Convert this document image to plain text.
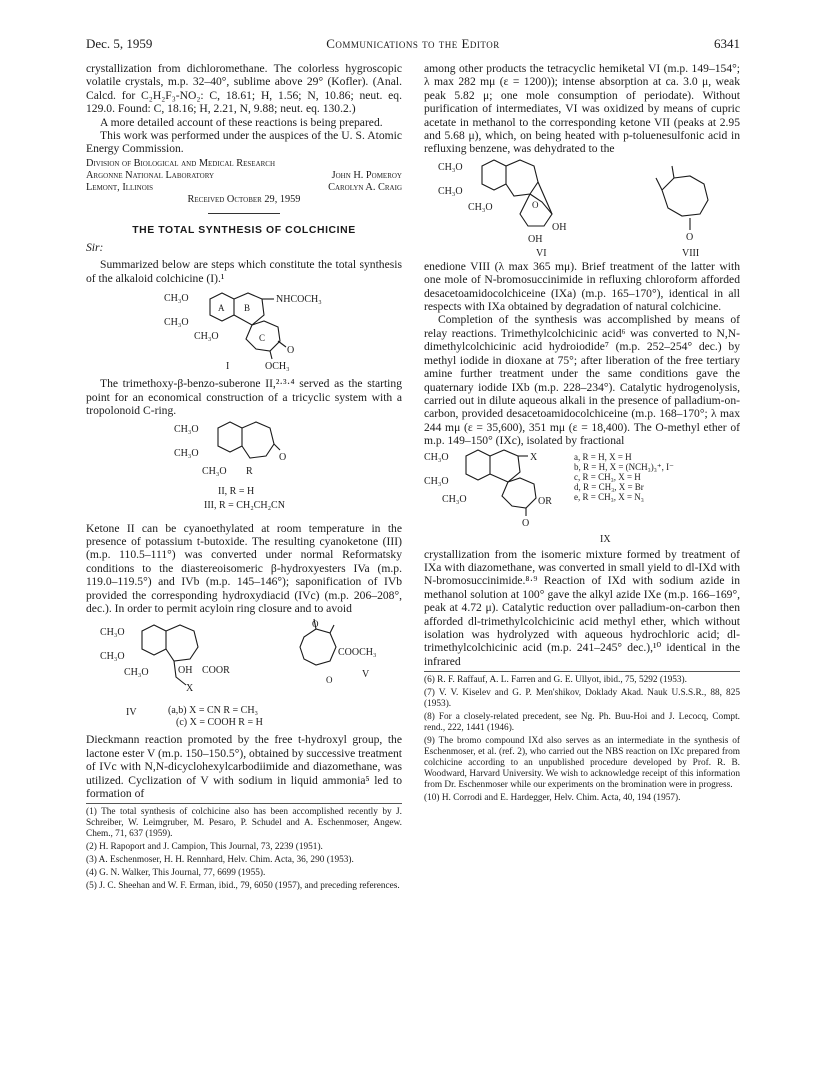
Dec. 5, 1959	Communications to the Editor	6341

crystallization from dichloromethane. The colorless hygroscopic volatile crystals, m.p. 32–40°, sublime above 29° (Kofler). (Anal. Calcd. for C₂H₂F₃-NO₂: C, 18.61; H, 1.56; N, 10.86; neut. eq. 129.0. Found: C, 18.16; H, 2.21, N, 9.88; neut. eq. 130.2.)

A more detailed account of these reactions is being prepared.

This work was performed under the auspices of the U. S. Atomic Energy Commission.

Division of Biological and Medical Research
Argonne National Laboratory	John H. Pomeroy
Lemont, Illinois	Carolyn A. Craig
Received October 29, 1959
THE TOTAL SYNTHESIS OF COLCHICINE
Sir:

Summarized below are steps which constitute the total synthesis of the alkaloid colchicine (I).¹

CH₃O
CH₃O
CH₃O
A B
C
NHCOCH₃
O
OCH₃
I

The trimethoxy-β-benzo-suberone II,²·³·⁴ served as the starting point for an economical construction of a tricyclic system with a tropolonoid C-ring.

CH₃O
CH₃O
CH₃O
O
R
II, R = H
III, R = CH₂CH₂CN

Ketone II can be cyanoethylated at room temperature in the presence of potassium t-butoxide. The resulting cyanoketone (III) (m.p. 110.5–111°) was converted under normal Reformatsky conditions to the diastereoisomeric β-hydroxyesters IVa (m.p. 119.0–119.5°) and IVb (m.p. 145–146°); saponification of IVb provided the corresponding hydroxydiacid (IVc) (m.p. 206–208°, dec.). In order to permit acyloin ring closure and to avoid

CH₃O
CH₃O
CH₃O	OH COOR
X
IV	(a,b) X = CN R = CH₃
(c) X = COOH R = H
O
O
COOCH₃
V

Dieckmann reaction promoted by the free t-hydroxyl group, the lactone ester V (m.p. 150–150.5°), obtained by successive treatment of IVc with N,N-dicyclohexylcarbodiimide and diazomethane, was utilized. Cyclization of V with sodium in liquid ammonia⁵ led to formation of

(1) The total synthesis of colchicine also has been accomplished recently by J. Schreiber, W. Leimgruber, M. Pesaro, P. Schudel and A. Eschenmoser, Angew. Chem., 71, 637 (1959).
(2) H. Rapoport and J. Campion, This Journal, 73, 2239 (1951).
(3) A. Eschenmoser, H. H. Rennhard, Helv. Chim. Acta, 36, 290 (1953).
(4) G. N. Walker, This Journal, 77, 6699 (1955).
(5) J. C. Sheehan and W. F. Erman, ibid., 79, 6050 (1957), and preceding references.

among other products the tetracyclic hemiketal VI (m.p. 149–154°; λ max 282 mμ (ε = 1200)); intense absorption at ca. 3.0 μ, weak peak 5.82 μ; one mole consumption of periodate). Without purification of intermediates, VI was oxidized by means of cupric acetate in methanol to the corresponding ketone VII (peaks at 2.95 and 5.68 μ), which, on being heated with p-toluenesulfonic acid in refluxing benzene, was dehydrated to the

CH₃O
CH₃O
CH₃O	O
OH
OH
VI
O
VIII

enedione VIII (λ max 365 mμ). Brief treatment of the latter with one mole of N-bromosuccinimide in refluxing chloroform afforded desacetoamidocolchiceine (IXa) (m.p. 165–170°), identical in all respects with IXa obtained by degradation of natural colchicine.

Completion of the synthesis was accomplished by means of relay reactions. Trimethylcolchicinic acid⁶ was converted to N,N-dimethylcolchicinic acid hydroiodide⁷ (m.p. 252–254° dec.) by methyl iodide in dioxane at 75°; after liberation of the free tertiary amine further treatment under the same conditions gave the quaternary iodide IXb (m.p. 228–234°). Catalytic hydrogenolysis, carried out in dilute aqueous alkali in the presence of palladium-on-carbon, provided desacetoamidocolchiceine (m.p. 168–170°; λ max 244 mμ (ε = 35,600), 351 mμ (ε = 18,400). The O-methyl ether of m.p. 149–150° (IXc), isolated by fractional

CH₃O
CH₃O
CH₃O
X
OR
O
a, R = H, X = H
b, R = H, X = (NCH₃)₃⁺, I⁻
c, R = CH₃, X = H
d, R = CH₃, X = Br
e, R = CH₃, X = N₃
IX

crystallization from the isomeric mixture formed by treatment of IXa with diazomethane, was converted in small yield to dl-IXd with N-bromosuccinimide.⁸·⁹ Reaction of IXd with sodium azide in methanol solution at 100° gave the alkyl azide IXe (m.p. 166–169°, peak at 4.72 μ). Catalytic reduction over palladium-on-carbon then afforded dl-trimethylcolchicinic acid methyl ether, which without isolation was hydrolyzed with aqueous hydrochloric acid; dl-trimethylcolchicinic acid (m.p. 241–245° dec.),¹⁰ identical in the infrared

(6) R. F. Raffauf, A. L. Farren and G. E. Ullyot, ibid., 75, 5292 (1953).
(7) V. V. Kiselev and G. P. Men'shikov, Doklady Akad. Nauk U.S.S.R., 88, 825 (1953).
(8) For a closely-related precedent, see Ng. Ph. Buu-Hoi and J. Lecocq, Compt. rend., 222, 1441 (1946).
(9) The bromo compound IXd also serves as an intermediate in the synthesis of Eschenmoser, et al. (ref. 2), who carried out the NBS reaction on IXc prepared from colchicine according to an unpublished procedure developed by Prof. R. B. Woodward, Harvard University. We wish to acknowledge receipt of this information from Dr. Eschenmoser while our experiments on the bromination were in progress.
(10) H. Corrodi and E. Hardegger, Helv. Chim. Acta, 40, 194 (1957).
